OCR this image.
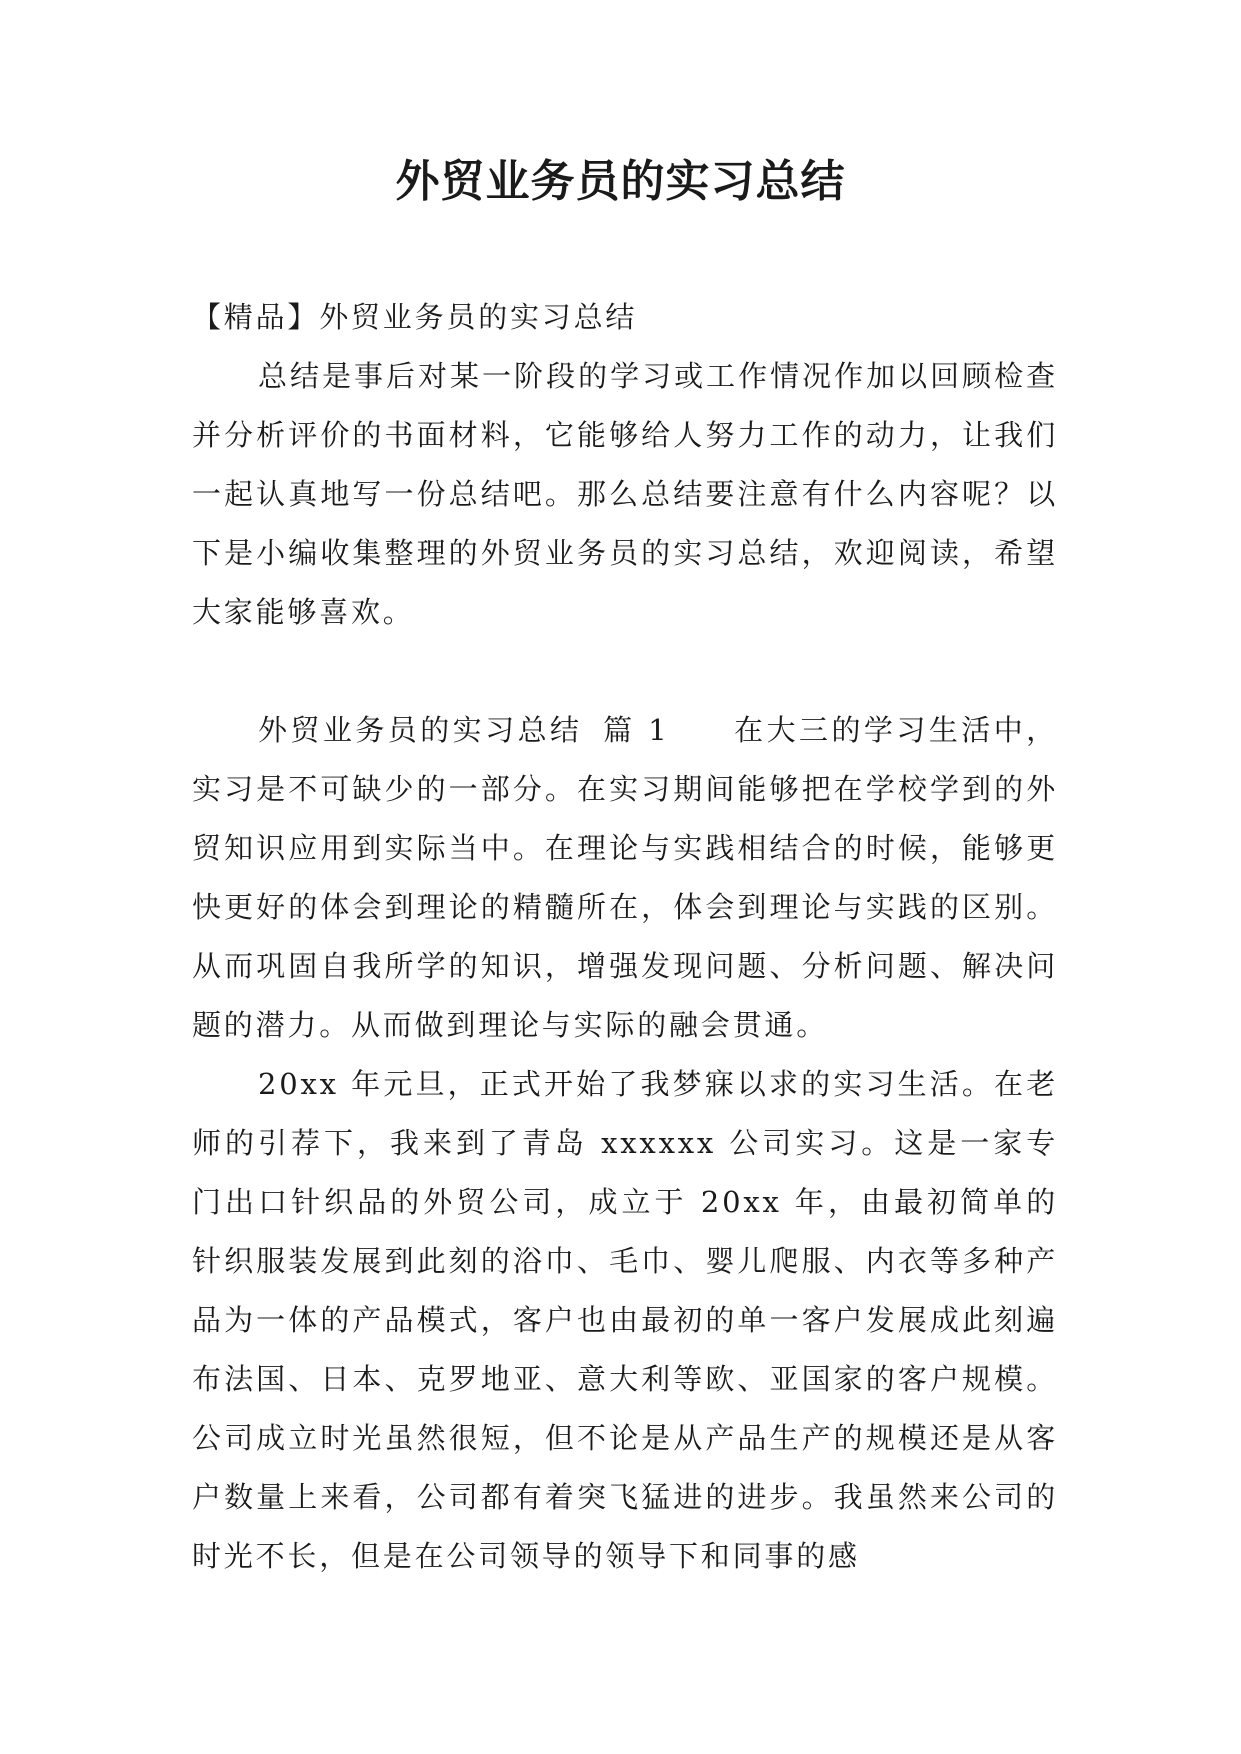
外贸业务员的实习总结

【精品】外贸业务员的实习总结

总结是事后对某一阶段的学习或工作情况作加以回顾检查并分析评价的书面材料，它能够给人努力工作的动力，让我们一起认真地写一份总结吧。那么总结要注意有什么内容呢？以下是小编收集整理的外贸业务员的实习总结，欢迎阅读，希望大家能够喜欢。

外贸业务员的实习总结 篇 1 在大三的学习生活中，实习是不可缺少的一部分。在实习期间能够把在学校学到的外贸知识应用到实际当中。在理论与实践相结合的时候，能够更快更好的体会到理论的精髓所在，体会到理论与实践的区别。从而巩固自我所学的知识，增强发现问题、分析问题、解决问题的潜力。从而做到理论与实际的融会贯通。

20xx 年元旦，正式开始了我梦寐以求的实习生活。在老师的引荐下，我来到了青岛 xxxxxx 公司实习。这是一家专门出口针织品的外贸公司，成立于 20xx 年，由最初简单的针织服装发展到此刻的浴巾、毛巾、婴儿爬服、内衣等多种产品为一体的产品模式，客户也由最初的单一客户发展成此刻遍布法国、日本、克罗地亚、意大利等欧、亚国家的客户规模。公司成立时光虽然很短，但不论是从产品生产的规模还是从客户数量上来看，公司都有着突飞猛进的进步。我虽然来公司的时光不长，但是在公司领导的领导下和同事的感
